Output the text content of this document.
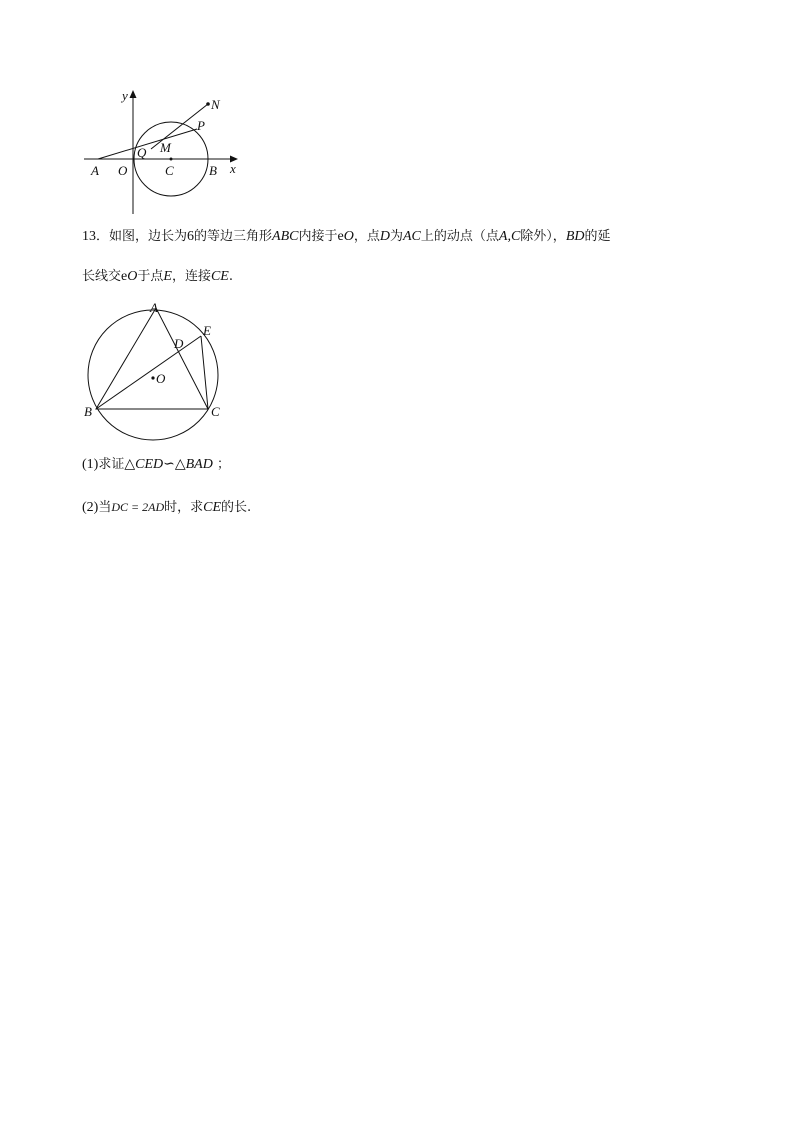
y
N
P
Q M
A O	C	B x
13．如图，边长为6的等边三角形ABC内接于eO，点D为AC上的动点（点A,C除外），BD的延
长线交eO于点E，连接CE.
A
E
D
O
B	C
(1)求证△CED∽△BAD ；
(2)当DC = 2AD时，求CE的长.
